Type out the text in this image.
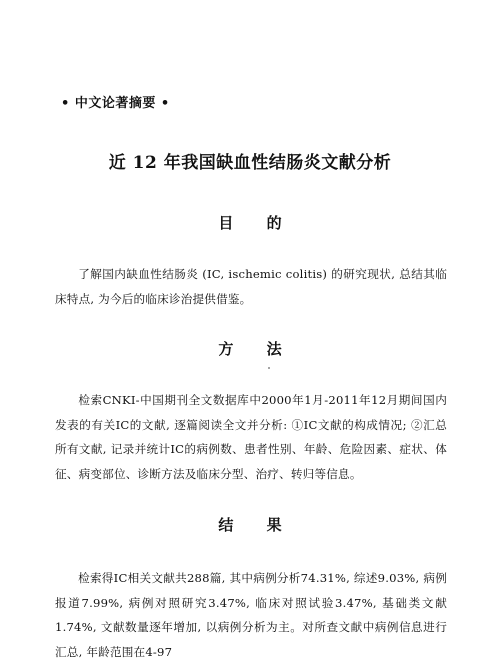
• 中文论著摘要 •
近 12 年我国缺血性结肠炎文献分析
目 的
了解国内缺血性结肠炎 (IC, ischemic colitis) 的研究现状, 总结其临床特点, 为今后的临床诊治提供借鉴。
方 法
检索CNKI-中国期刊全文数据库中2000年1月-2011年12月期间国内发表的有关IC的文献, 逐篇阅读全文并分析: ①IC文献的构成情况; ②汇总所有文献, 记录并统计IC的病例数、患者性别、年龄、危险因素、症状、体征、病变部位、诊断方法及临床分型、治疗、转归等信息。
结 果
检索得IC相关文献共288篇, 其中病例分析74.31%, 综述9.03%, 病例报道7.99%, 病例对照研究3.47%, 临床对照试验3.47%, 基础类文献1.74%, 文献数量逐年增加, 以病例分析为主。对所查文献中病例信息进行汇总, 年龄范围在4-97
